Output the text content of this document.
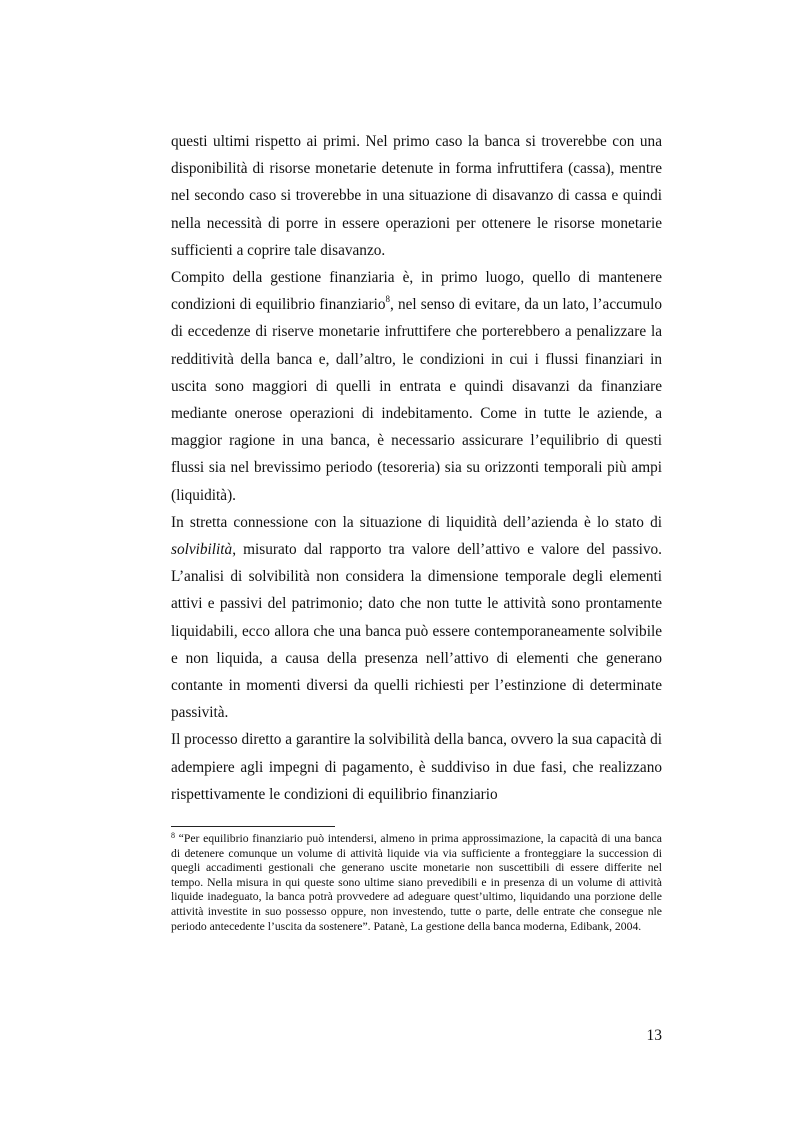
questi ultimi rispetto ai primi. Nel primo caso la banca si troverebbe con una disponibilità di risorse monetarie detenute in forma infruttifera (cassa), mentre nel secondo caso si troverebbe in una situazione di disavanzo di cassa e quindi nella necessità di porre in essere operazioni per ottenere le risorse monetarie sufficienti a coprire tale disavanzo.

Compito della gestione finanziaria è, in primo luogo, quello di mantenere condizioni di equilibrio finanziario$^8$, nel senso di evitare, da un lato, l’accumulo di eccedenze di riserve monetarie infruttifere che porterebbero a penalizzare la redditività della banca e, dall’altro, le condizioni in cui i flussi finanziari in uscita sono maggiori di quelli in entrata e quindi disavanzi da finanziare mediante onerose operazioni di indebitamento. Come in tutte le aziende, a maggior ragione in una banca, è necessario assicurare l’equilibrio di questi flussi sia nel brevissimo periodo (tesoreria) sia su orizzonti temporali più ampi (liquidità).

In stretta connessione con la situazione di liquidità dell’azienda è lo stato di solvibilità, misurato dal rapporto tra valore dell’attivo e valore del passivo. L’analisi di solvibilità non considera la dimensione temporale degli elementi attivi e passivi del patrimonio; dato che non tutte le attività sono prontamente liquidabili, ecco allora che una banca può essere contemporaneamente solvibile e non liquida, a causa della presenza nell’attivo di elementi che generano contante in momenti diversi da quelli richiesti per l’estinzione di determinate passività.

Il processo diretto a garantire la solvibilità della banca, ovvero la sua capacità di adempiere agli impegni di pagamento, è suddiviso in due fasi, che realizzano rispettivamente le condizioni di equilibrio finanziario

$^8$ “Per equilibrio finanziario può intendersi, almeno in prima approssimazione, la capacità di una banca di detenere comunque un volume di attività liquide via via sufficiente a fronteggiare la succession di quegli accadimenti gestionali che generano uscite monetarie non suscettibili di essere differite nel tempo. Nella misura in qui queste sono ultime siano prevedibili e in presenza di un volume di attività liquide inadeguato, la banca potrà provvedere ad adeguare quest’ultimo, liquidando una porzione delle attività investite in suo possesso oppure, non investendo, tutte o parte, delle entrate che conseguе nle periodo antecedente l’uscita da sostenere”. Patanè, La gestione della banca moderna, Edibank, 2004.
13
